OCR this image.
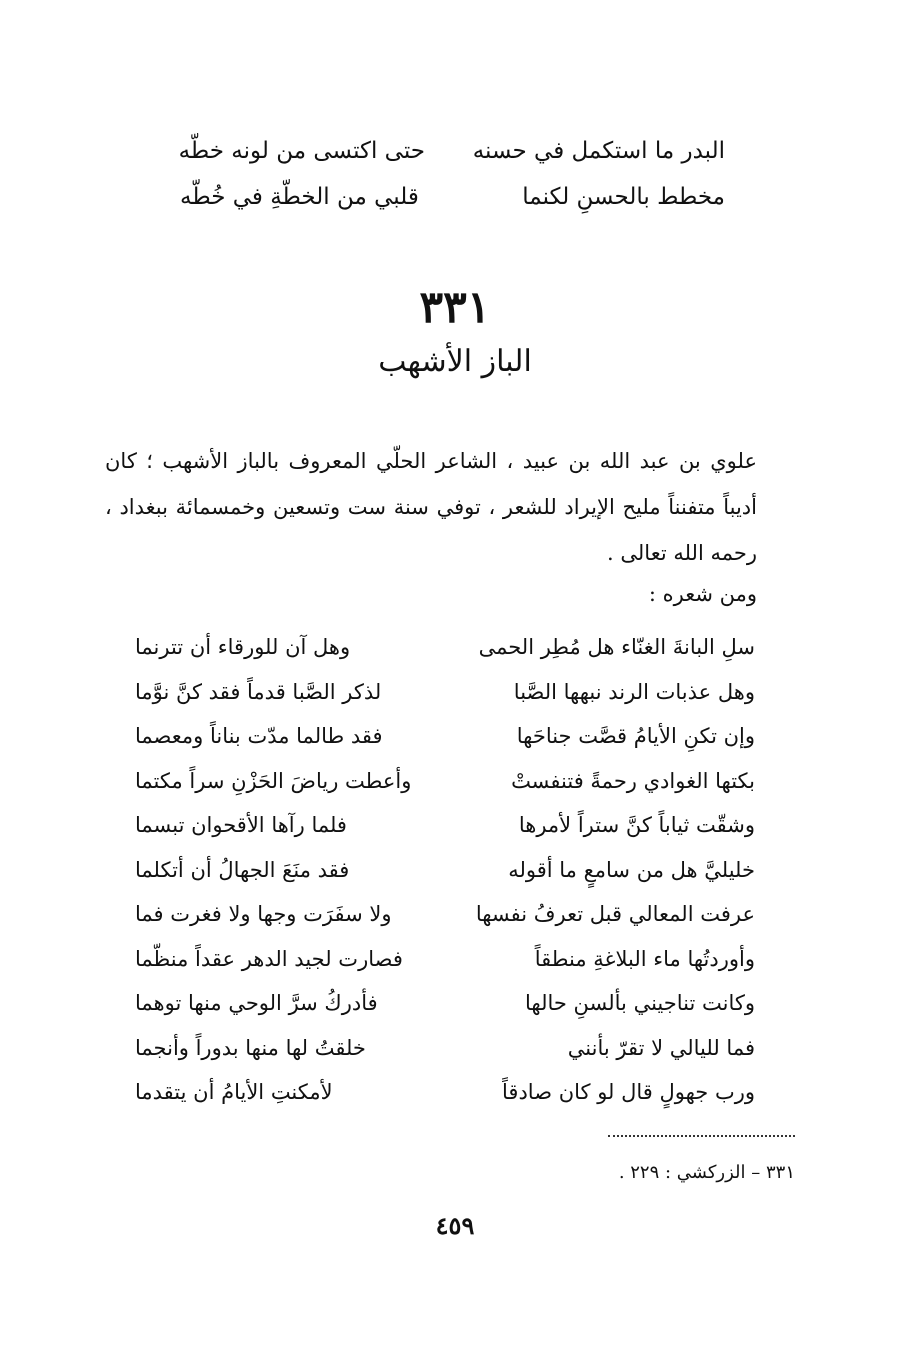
البدر ما استكمل في حسنه
حتى اكتسى من لونه خطّه
مخطط بالحسنِ لكنما
قلبي من الخطّةِ في خُطّه
٣٣١
الباز الأشهب
علوي بن عبد الله بن عبيد ، الشاعر الحلّي المعروف بالباز الأشهب ؛ كان أديباً متفنناً مليح الإيراد للشعر ، توفي سنة ست وتسعين وخمسمائة ببغداد ، رحمه الله تعالى .
ومن شعره :
سلِ البانةَ الغنّاء هل مُطِر الحمى
وهل آن للورقاء أن تترنما
وهل عذبات الرند نبهها الصَّبا
لذكر الصَّبا قدماً فقد كنَّ نوَّما
وإن تكنِ الأيامُ قصَّت جناحَها
فقد طالما مدّت بناناً ومعصما
بكتها الغوادي رحمةً فتنفستْ
وأعطت رياضَ الحَزْنِ سراً مكتما
وشقّت ثياباً كنَّ ستراً لأمرها
فلما رآها الأقحوان تبسما
خليليَّ هل من سامعٍ ما أقوله
فقد منَعَ الجهالُ أن أتكلما
عرفت المعالي قبل تعرفُ نفسها
ولا سفَرَت وجها ولا فغرت فما
وأوردتُها ماء البلاغةِ منطقاً
فصارت لجيد الدهر عقداً منظّما
وكانت تناجيني بألسنِ حالها
فأدركُ سرَّ الوحي منها توهما
فما لليالي لا تقرّ بأنني
خلقتُ لها منها بدوراً وأنجما
ورب جهولٍ قال لو كان صادقاً
لأمكنتِ الأيامُ أن يتقدما
٣٣١ – الزركشي : ٢٢٩ .
٤٥٩
